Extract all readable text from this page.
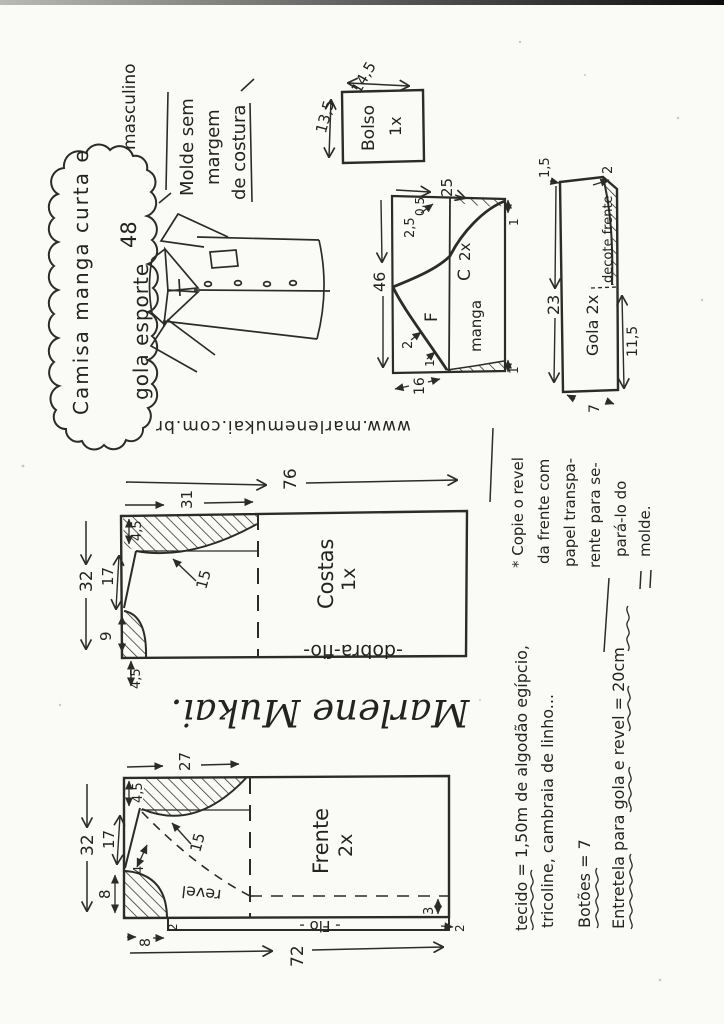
Camisa manga curta e gola esporte
48
masculino Molde sem margem de costura
14,5
13,5 Bolso 1x
46
25
0,5
2,5
C
2x
F manga
2
1
16
1
1
decote frente
Gola 2x
23
11,5
1,5	2
7
www.marlenemukai.com.br
76
31
4,5
17
9
4,5
32	15	Costas 1x
-dobra-fio-
* Copie o revel da frente com papel transpa- rente para se- pará-lo do molde.
Marlene Mukai.
27
4,5
17
4
8
8
32
72
15
3
2
2
Frente 2x
- Fio -
revel	tecido = 1,50m de algodão egípcio, tricoline, cambraia de linho... Botões = 7 Entretela para gola e revel = 20cm
